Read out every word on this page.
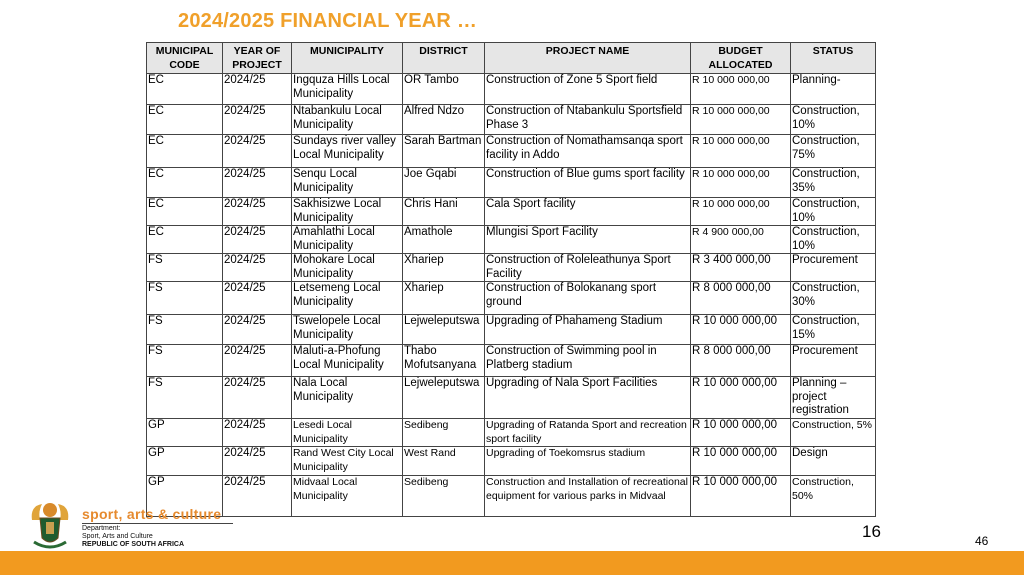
2024/2025 FINANCIAL YEAR …
MUNICIPAL CODE	YEAR OF PROJECT	MUNICIPALITY	DISTRICT	PROJECT NAME	BUDGET ALLOCATED	STATUS
EC	2024/25	Ingquza Hills Local Municipality	OR Tambo	Construction of Zone 5 Sport field	R 10 000 000,00	Planning-
EC	2024/25	Ntabankulu Local Municipality	Alfred Ndzo	Construction of Ntabankulu Sportsfield Phase 3	R 10 000 000,00	Construction, 10%
EC	2024/25	Sundays river valley Local Municipality	Sarah Bartman	Construction of Nomathamsanqa sport facility in Addo	R 10 000 000,00	Construction, 75%
EC	2024/25	Senqu Local Municipality	Joe Gqabi	Construction of Blue gums sport facility	R 10 000 000,00	Construction, 35%
EC	2024/25	Sakhisizwe Local Municipality	Chris Hani	Cala Sport facility	R 10 000 000,00	Construction, 10%
EC	2024/25	Amahlathi Local Municipality	Amathole	Mlungisi Sport Facility	R 4 900 000,00	Construction, 10%
FS	2024/25	Mohokare Local Municipality	Xhariep	Construction of Roleleathunya Sport Facility	R 3 400 000,00	Procurement
FS	2024/25	Letsemeng Local Municipality	Xhariep	Construction of Bolokanang sport ground	R 8 000 000,00	Construction, 30%
FS	2024/25	Tswelopele Local Municipality	Lejweleputswa	Upgrading of Phahameng Stadium	R 10 000 000,00	Construction, 15%
FS	2024/25	Maluti-a-Phofung Local Municipality	Thabo Mofutsanyana	Construction of Swimming pool in Platberg stadium	R 8 000 000,00	Procurement
FS	2024/25	Nala Local Municipality	Lejweleputswa	Upgrading of Nala Sport Facilities	R 10 000 000,00	Planning – project registration
GP	2024/25	Lesedi Local Municipality	Sedibeng	Upgrading of Ratanda Sport and recreation sport facility	R 10 000 000,00	Construction, 5%
GP	2024/25	Rand West City Local Municipality	West Rand	Upgrading of Toekomsrus stadium	R 10 000 000,00	Design
GP	2024/25	Midvaal Local Municipality	Sedibeng	Construction and Installation of recreational equipment for various parks in Midvaal	R 10 000 000,00	Construction, 50%
sport, arts & culture
Department:
Sport, Arts and Culture
REPUBLIC OF SOUTH AFRICA
16	46
